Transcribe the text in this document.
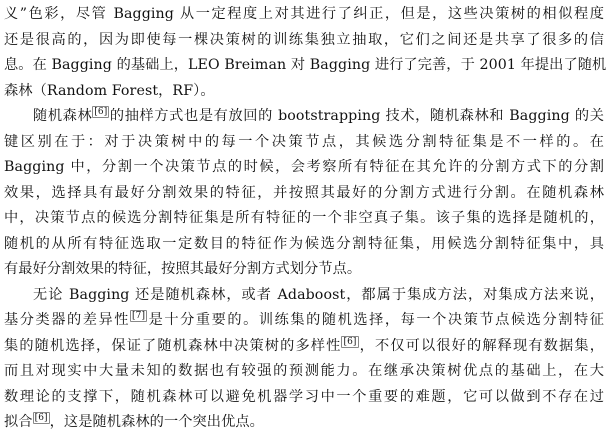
义”色彩，尽管 Bagging 从一定程度上对其进行了纠正，但是，这些决策树的相似程度
还是很高的，因为即使每一棵决策树的训练集独立抽取，它们之间还是共享了很多的信
息。在 Bagging 的基础上，LEO Breiman 对 Bagging 进行了完善，于 2001 年提出了随机
森林（Random Forest，RF）。
随机森林 [6] 的抽样方式也是有放回的 bootstrapping 技术，随机森林和 Bagging 的关
键区别在于：对于决策树中的每一个决策节点，其候选分割特征集是不一样的。在
Bagging 中，分割一个决策节点的时候，会考察所有特征在其允许的分割方式下的分割
效果，选择具有最好分割效果的特征，并按照其最好的分割方式进行分割。在随机森林
中，决策节点的候选分割特征集是所有特征的一个非空真子集。该子集的选择是随机的，
随机的从所有特征选取一定数目的特征作为候选分割特征集，用候选分割特征集中，具
有最好分割效果的特征，按照其最好分割方式划分节点。
无论 Bagging 还是随机森林，或者 Adaboost，都属于集成方法，对集成方法来说，
基分类器的差异性 [7] 是十分重要的。训练集的随机选择，每一个决策节点候选分割特征
集的随机选择，保证了随机森林中决策树的多样性 [6] ，不仅可以很好的解释现有数据集，
而且对现实中大量未知的数据也有较强的预测能力。在继承决策树优点的基础上，在大
数理论的支撑下，随机森林可以避免机器学习中一个重要的难题，它可以做到不存在过
拟合 [6] ，这是随机森林的一个突出优点。
